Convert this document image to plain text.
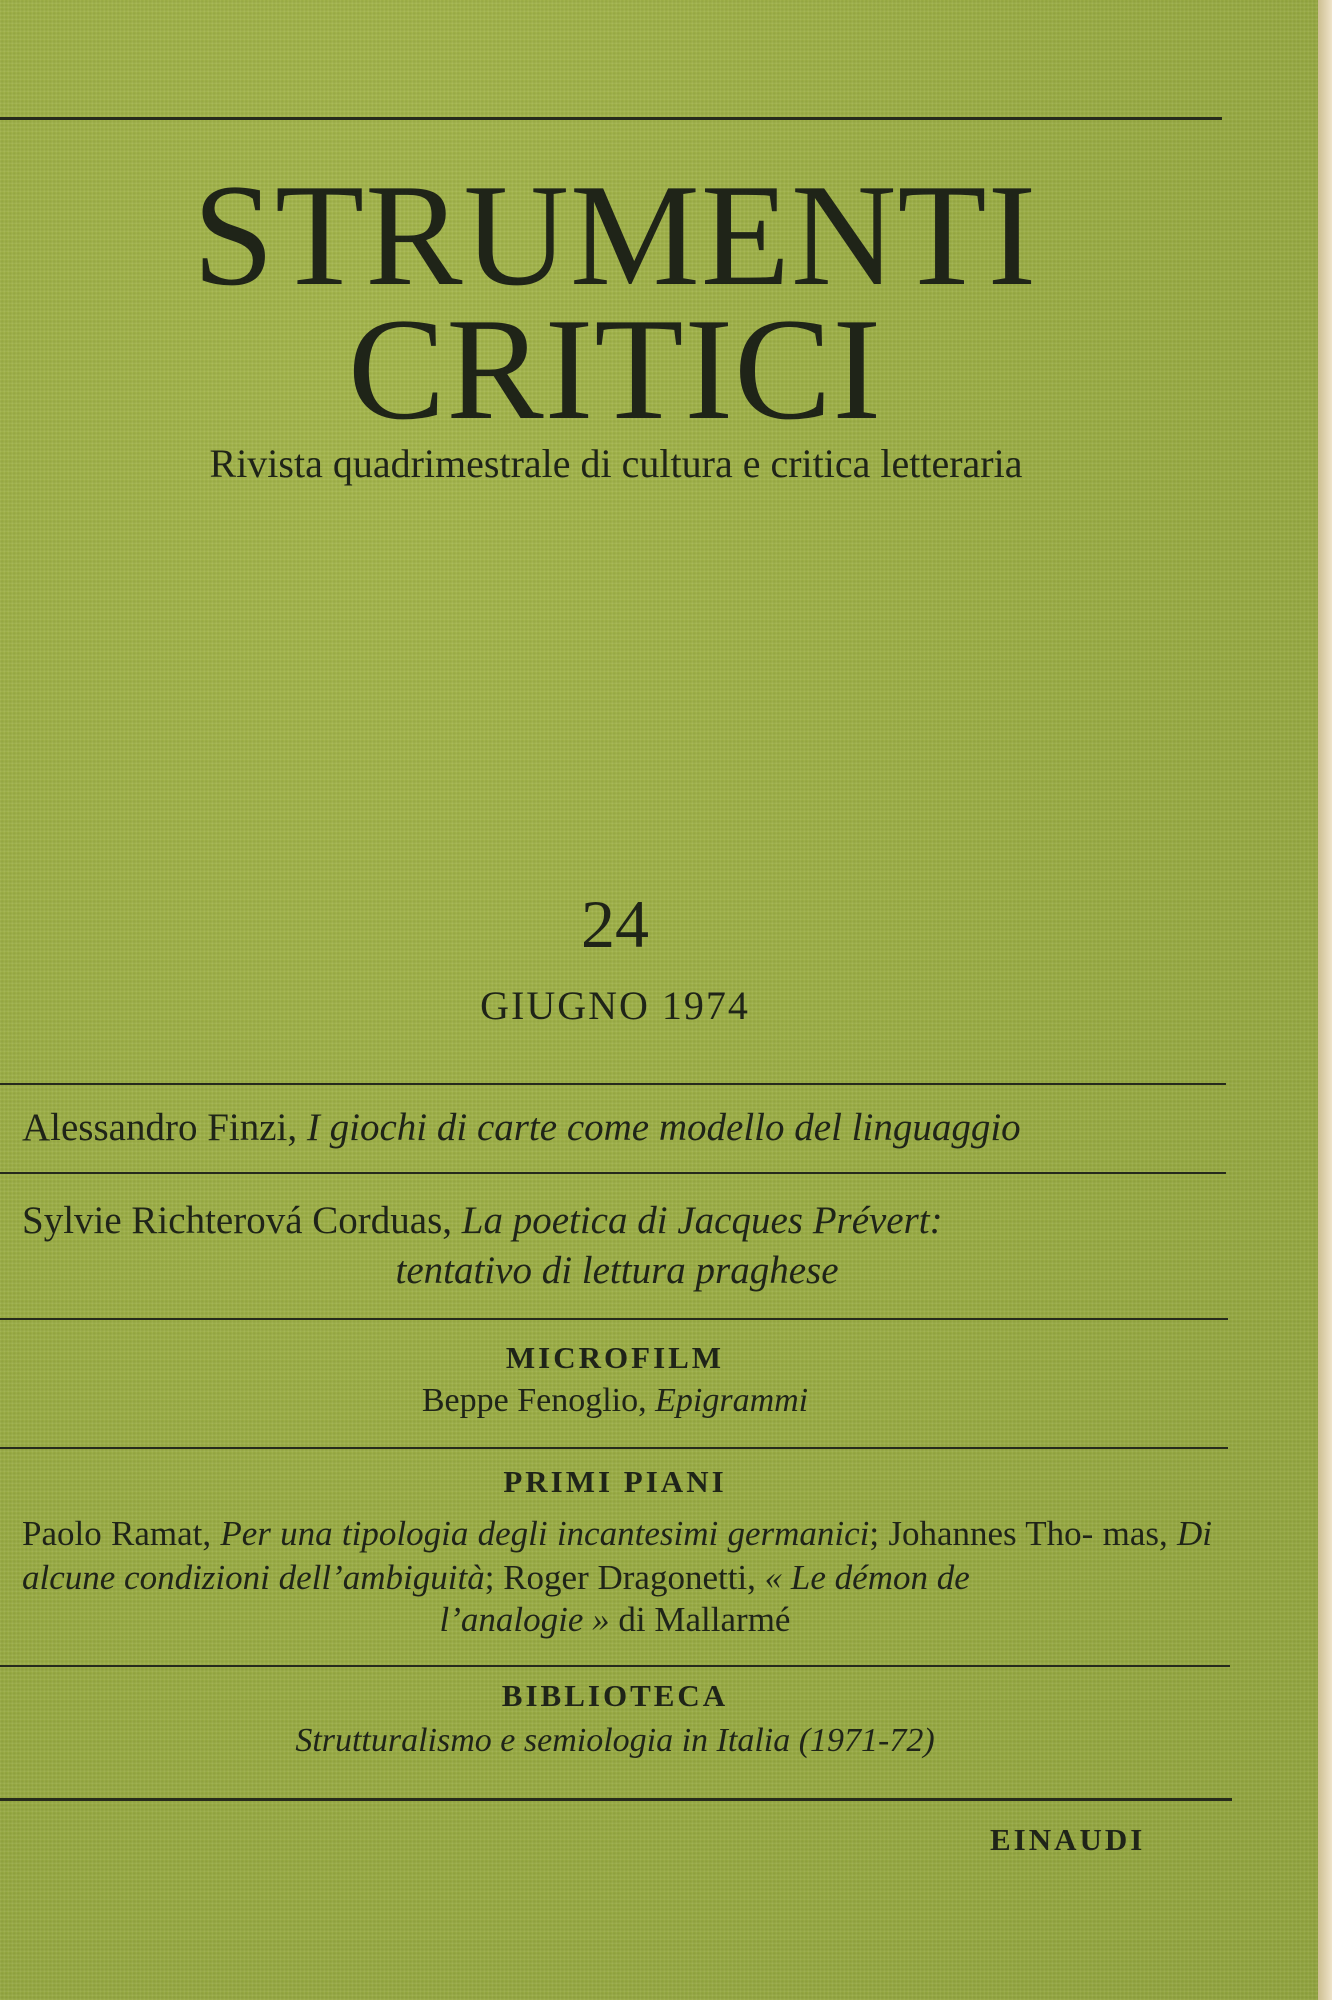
STRUMENTI
CRITICI
Rivista quadrimestrale di cultura e critica letteraria
24
GIUGNO 1974
Alessandro Finzi, I giochi di carte come modello del linguaggio
Sylvie Richterová Corduas, La poetica di Jacques Prévert:
tentativo di lettura praghese
MICROFILM
Beppe Fenoglio, Epigrammi
PRIMI PIANI
Paolo Ramat, Per una tipologia degli incantesimi germanici; Johannes Tho- mas, Di alcune condizioni dell’ambiguità; Roger Dragonetti, « Le démon de
l’analogie » di Mallarmé
BIBLIOTECA
Strutturalismo e semiologia in Italia (1971-72)
EINAUDI
